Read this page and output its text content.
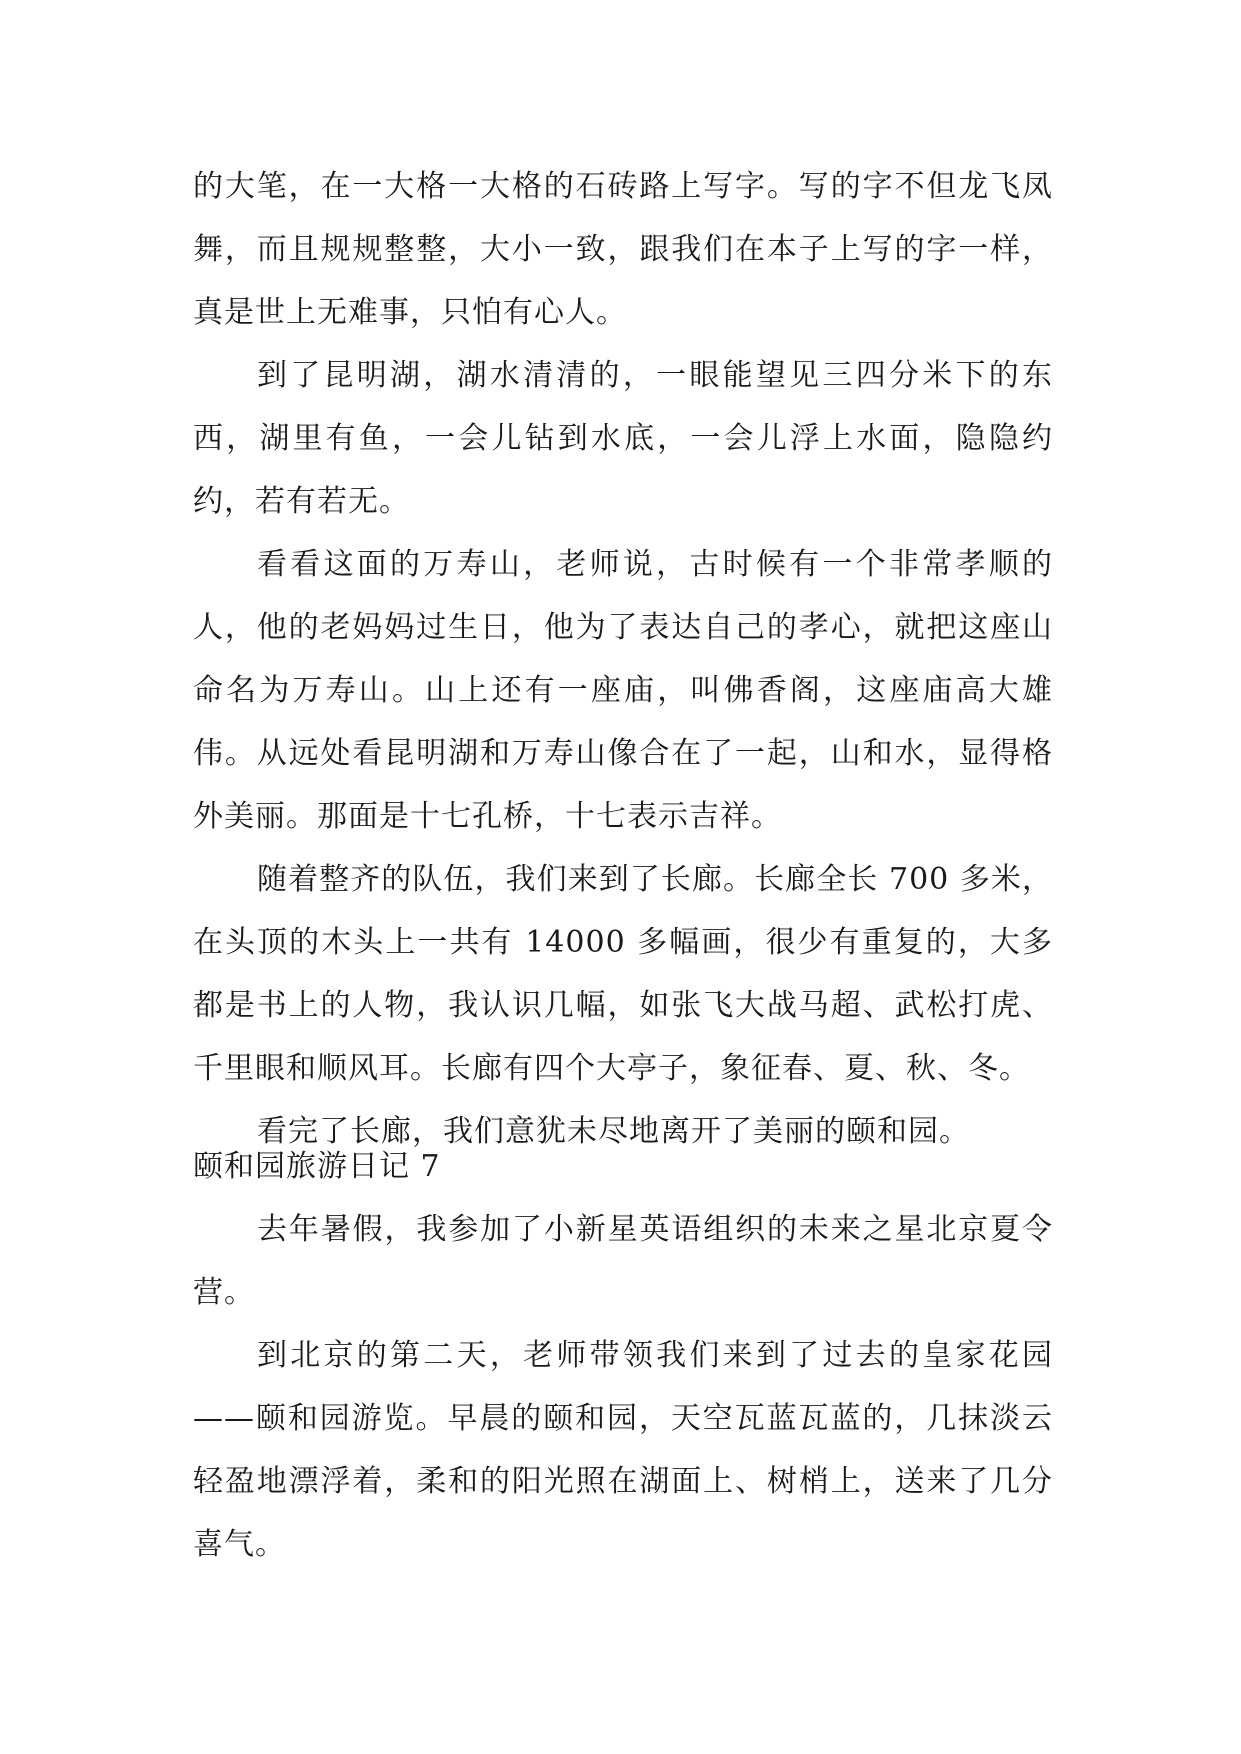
的大笔，在一大格一大格的石砖路上写字。写的字不但龙飞凤舞，而且规规整整，大小一致，跟我们在本子上写的字一样，真是世上无难事，只怕有心人。

到了昆明湖，湖水清清的，一眼能望见三四分米下的东西，湖里有鱼，一会儿钻到水底，一会儿浮上水面，隐隐约约，若有若无。

看看这面的万寿山，老师说，古时候有一个非常孝顺的人，他的老妈妈过生日，他为了表达自己的孝心，就把这座山命名为万寿山。山上还有一座庙，叫佛香阁，这座庙高大雄伟。从远处看昆明湖和万寿山像合在了一起，山和水，显得格外美丽。那面是十七孔桥，十七表示吉祥。

随着整齐的队伍，我们来到了长廊。长廊全长 700 多米，在头顶的木头上一共有 14000 多幅画，很少有重复的，大多都是书上的人物，我认识几幅，如张飞大战马超、武松打虎、千里眼和顺风耳。长廊有四个大亭子，象征春、夏、秋、冬。

看完了长廊，我们意犹未尽地离开了美丽的颐和园。

颐和园旅游日记 7

去年暑假，我参加了小新星英语组织的未来之星北京夏令营。

到北京的第二天，老师带领我们来到了过去的皇家花园——颐和园游览。早晨的颐和园，天空瓦蓝瓦蓝的，几抹淡云轻盈地漂浮着，柔和的阳光照在湖面上、树梢上，送来了几分喜气。
